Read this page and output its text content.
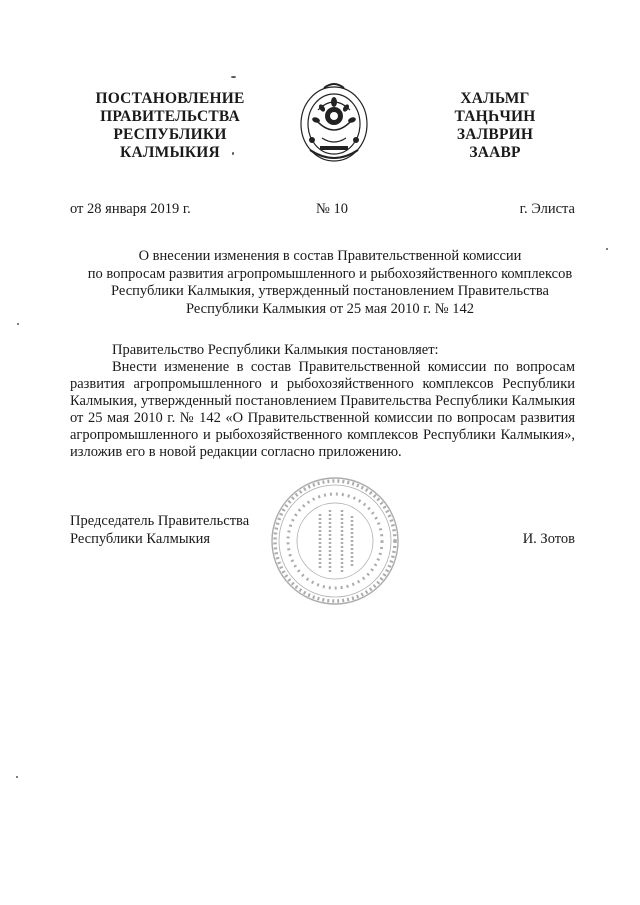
ПОСТАНОВЛЕНИЕ
ПРАВИТЕЛЬСТВА
РЕСПУБЛИКИ
КАЛМЫКИЯ
ХАЛЬМГ
ТАҢҺЧИН
ЗАЛВРИН
ЗААВР
от 28 января 2019 г.	№ 10	г. Элиста
О внесении изменения в состав Правительственной комиссии
по вопросам развития агропромышленного и рыбохозяйственного комплексов
Республики Калмыкия, утвержденный постановлением Правительства
Республики Калмыкия от 25 мая 2010 г. № 142
Правительство Республики Калмыкия постановляет:
Внести изменение в состав Правительственной комиссии по вопросам
развития агропромышленного и рыбохозяйственного комплексов Республики
Калмыкия, утвержденный постановлением Правительства Республики Калмыкия
от 25 мая 2010 г. № 142 «О Правительственной комиссии по вопросам развития
агропромышленного и рыбохозяйственного комплексов Республики Калмыкия»,
изложив его в новой редакции согласно приложению.
Председатель Правительства
Республики Калмыкия	И. Зотов
